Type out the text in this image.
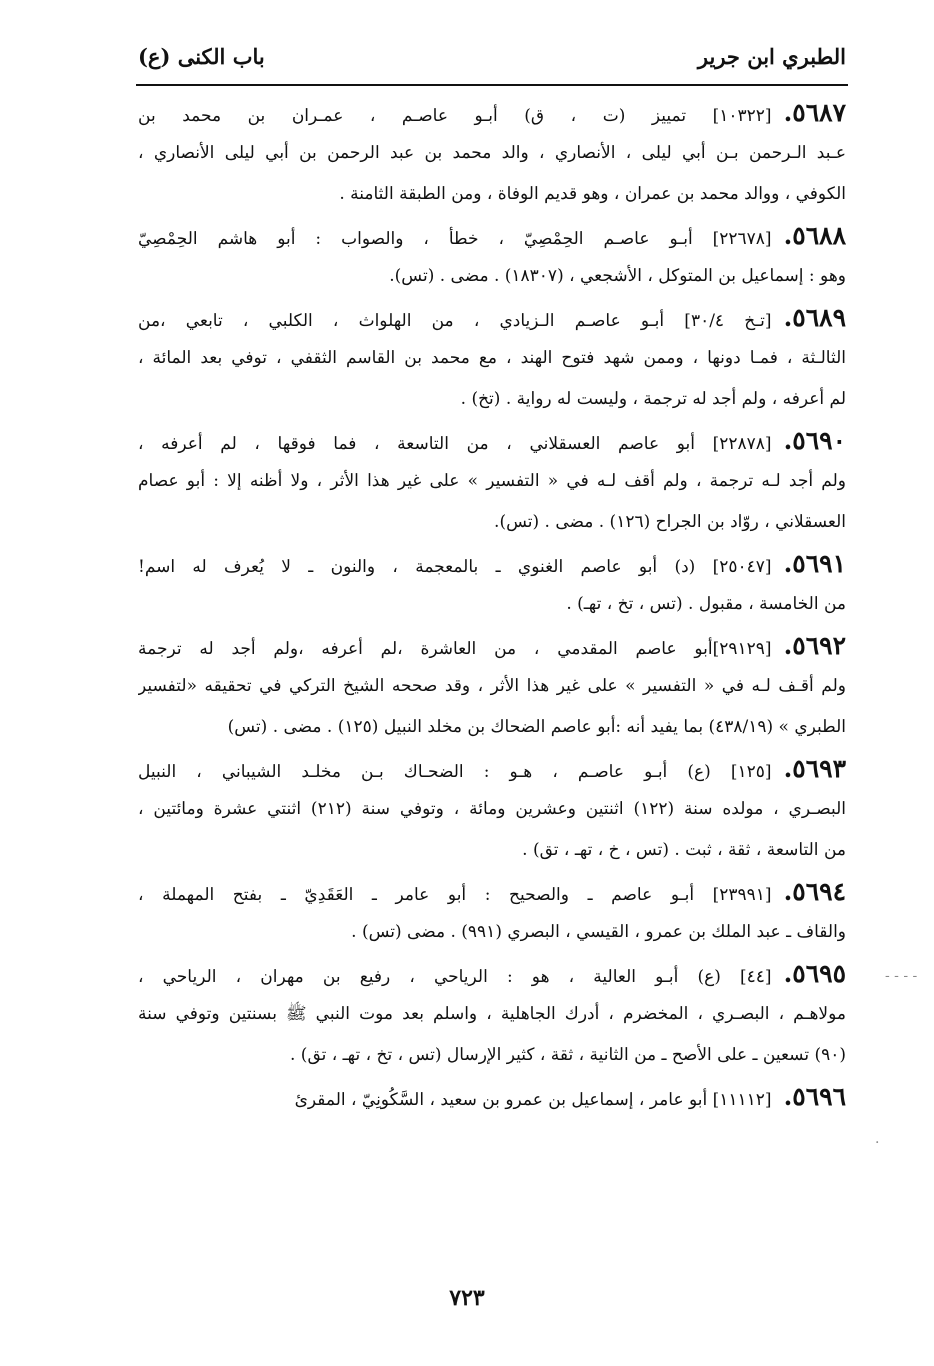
الطبري ابن جرير
باب الكنى (ع)
٥٦٨٧.[١٠٣٢٢] تمييز (ت ، ق) أبـو عاصـم ، عمـران بن محمد بن
عـبد الـرحمن بـن أبي ليلى ، الأنصاري ، والد محمد بن عبد الرحمن بن أبي ليلى الأنصاري ،
الكوفي ، ووالد محمد بن عمران ، وهو قديم الوفاة ، ومن الطبقة الثامنة .
٥٦٨٨.[٢٢٦٧٨] أبـو عاصـم الحِمْصِيّ ، خطأ ، والصواب : أبو هاشم الحِمْصِيّ
وهو : إسماعيل بن المتوكل ، الأشجعي ، (١٨٣٠٧) . مضى . (تس).
٥٦٨٩.[تـخ ٣٠/٤] أبـو عاصـم الـزيادي ، من الهلواث ، الكلبي ، تابعي ،من
الثالـثة ، فمـا دونها ، وممن شهد فتوح الهند ، مع محمد بن القاسم الثقفي ، توفي بعد المائة ،
لم أعرفه ، ولم أجد له ترجمة ، وليست له رواية . (تخ) .
٥٦٩٠.[٢٢٨٧٨] أبو عاصم العسقلاني ، من التاسعة ، فما فوقها ، لم أعرفه ،
ولم أجد لـه ترجمة ، ولم أقف لـه في « التفسير » على غير هذا الأثر ، ولا أظنه إلا : أبو عصام
العسقلاني ، روّاد بن الجراح (١٢٦) . مضى . (تس).
٥٦٩١.[٢٥٠٤٧] (د) أبو عاصم الغنوي ـ بالمعجمة ، والنون ـ لا يُعرف له اسم!
من الخامسة ، مقبول . (تس ، تخ ، تهـ) .
٥٦٩٢.[٢٩١٢٩]أبو عاصم المقدمي ، من العاشرة ،لم أعرفه ،ولم أجد له ترجمة
ولم أقـف لـه في « التفسير » على غير هذا الأثر ، وقد صححه الشيخ التركي في تحقيقه «لتفسير
الطبري » (٤٣٨/١٩) بما يفيد أنه :أبو عاصم الضحاك بن مخلد النبيل (١٢٥) . مضى . (تس)
٥٦٩٣.[١٢٥] (ع) أبـو عاصـم ، هـو : الضحـاك بـن مخلـد الشيباني ، النبيل
البصـري ، مولده سنة (١٢٢) اثنتين وعشرين ومائة ، وتوفي سنة (٢١٢) اثنتي عشرة ومائتين ،
من التاسعة ، ثقة ، ثبت . (تس ، خ ، تهـ ، تق) .
٥٦٩٤.[٢٣٩٩١] أبـو عاصم ـ والصحيح : أبو عامر ـ العَقَدِيّ ـ بفتح المهملة ،
والقاف ـ عبد الملك بن عمرو ، القيسي ، البصري (٩٩١) . مضى (تس) .
٥٦٩٥.[٤٤] (ع) أبـو العالية ، هو : الرياحي ، رفيع بن مهران ، الرياحي ،
مولاهـم ، البصـري ، المخضرم ، أدرك الجاهلية ، واسلم بعد موت النبي ﷺ بسنتين وتوفي سنة
(٩٠) تسعين ـ على الأصح ـ من الثانية ، ثقة ، كثير الإرسال (تس ، تخ ، تهـ ، تق) .
٥٦٩٦.[١١١١٢] أبو عامر ، إسماعيل بن عمرو بن سعيد ، السَّكُونِيّ ، المقرئ
٧٢٣
- - - -
·
